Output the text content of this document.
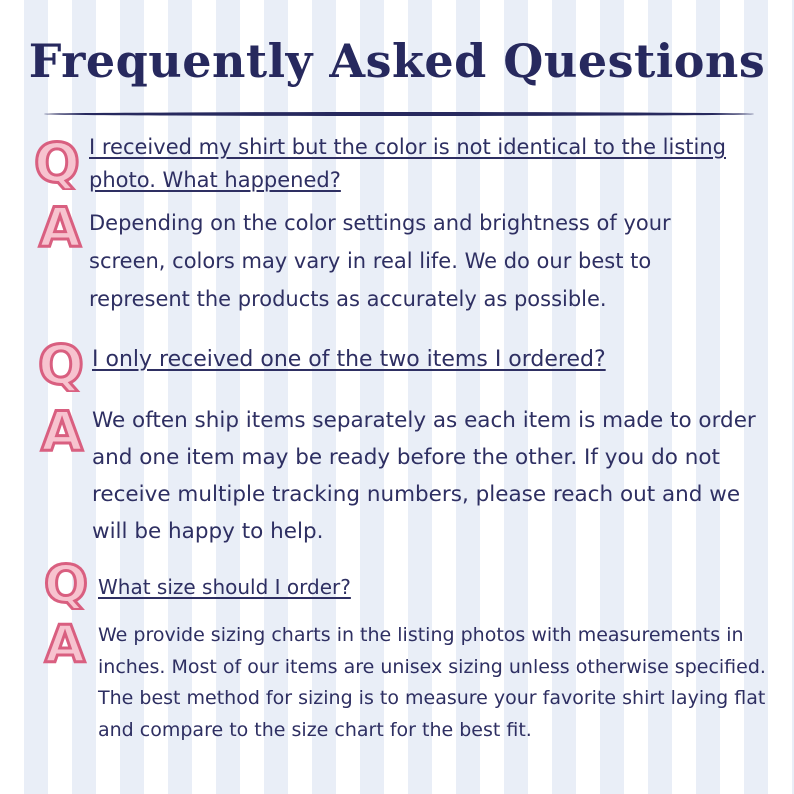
Frequently Asked Questions
Q I received my shirt but the color is not identical to the listing photo. What happened?

A Depending on the color settings and brightness of your screen, colors may vary in real life. We do our best to represent the products as accurately as possible.

Q I only received one of the two items I ordered?

A We often ship items separately as each item is made to order and one item may be ready before the other. If you do not receive multiple tracking numbers, please reach out and we will be happy to help.

Q What size should I order?

A We provide sizing charts in the listing photos with measurements in inches. Most of our items are unisex sizing unless otherwise specified. The best method for sizing is to measure your favorite shirt laying flat and compare to the size chart for the best fit.
